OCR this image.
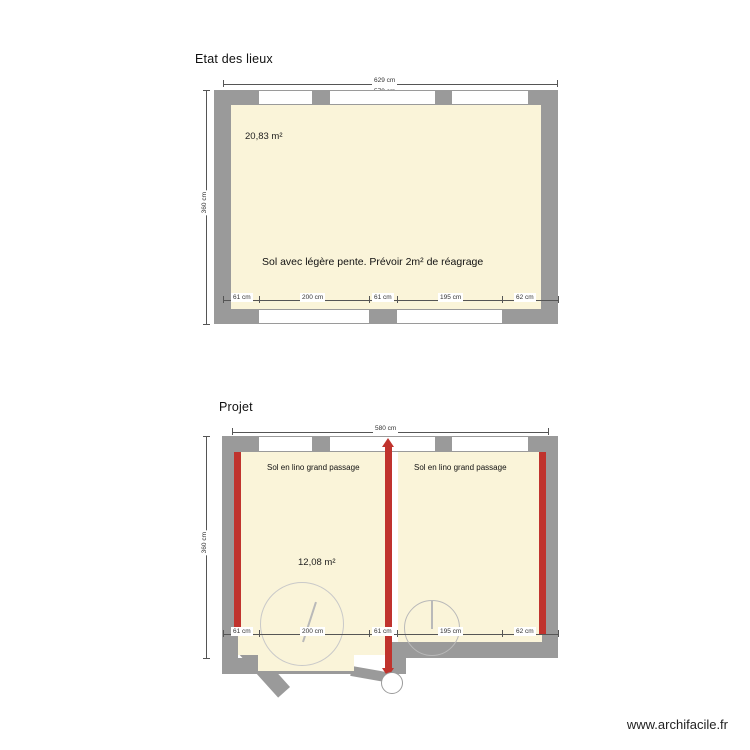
Etat des lieux
629 cm
360 cm
20,83 m²
Sol avec légère pente. Prévoir 2m² de réagrage
61 cm	200 cm	61 cm	195 cm	62 cm
Projet
580 cm
360 cm
Sol en lino grand passage	Sol en lino grand passage
12,08 m²
61 cm	200 cm	61 cm	195 cm	62 cm
www.archifacile.fr
